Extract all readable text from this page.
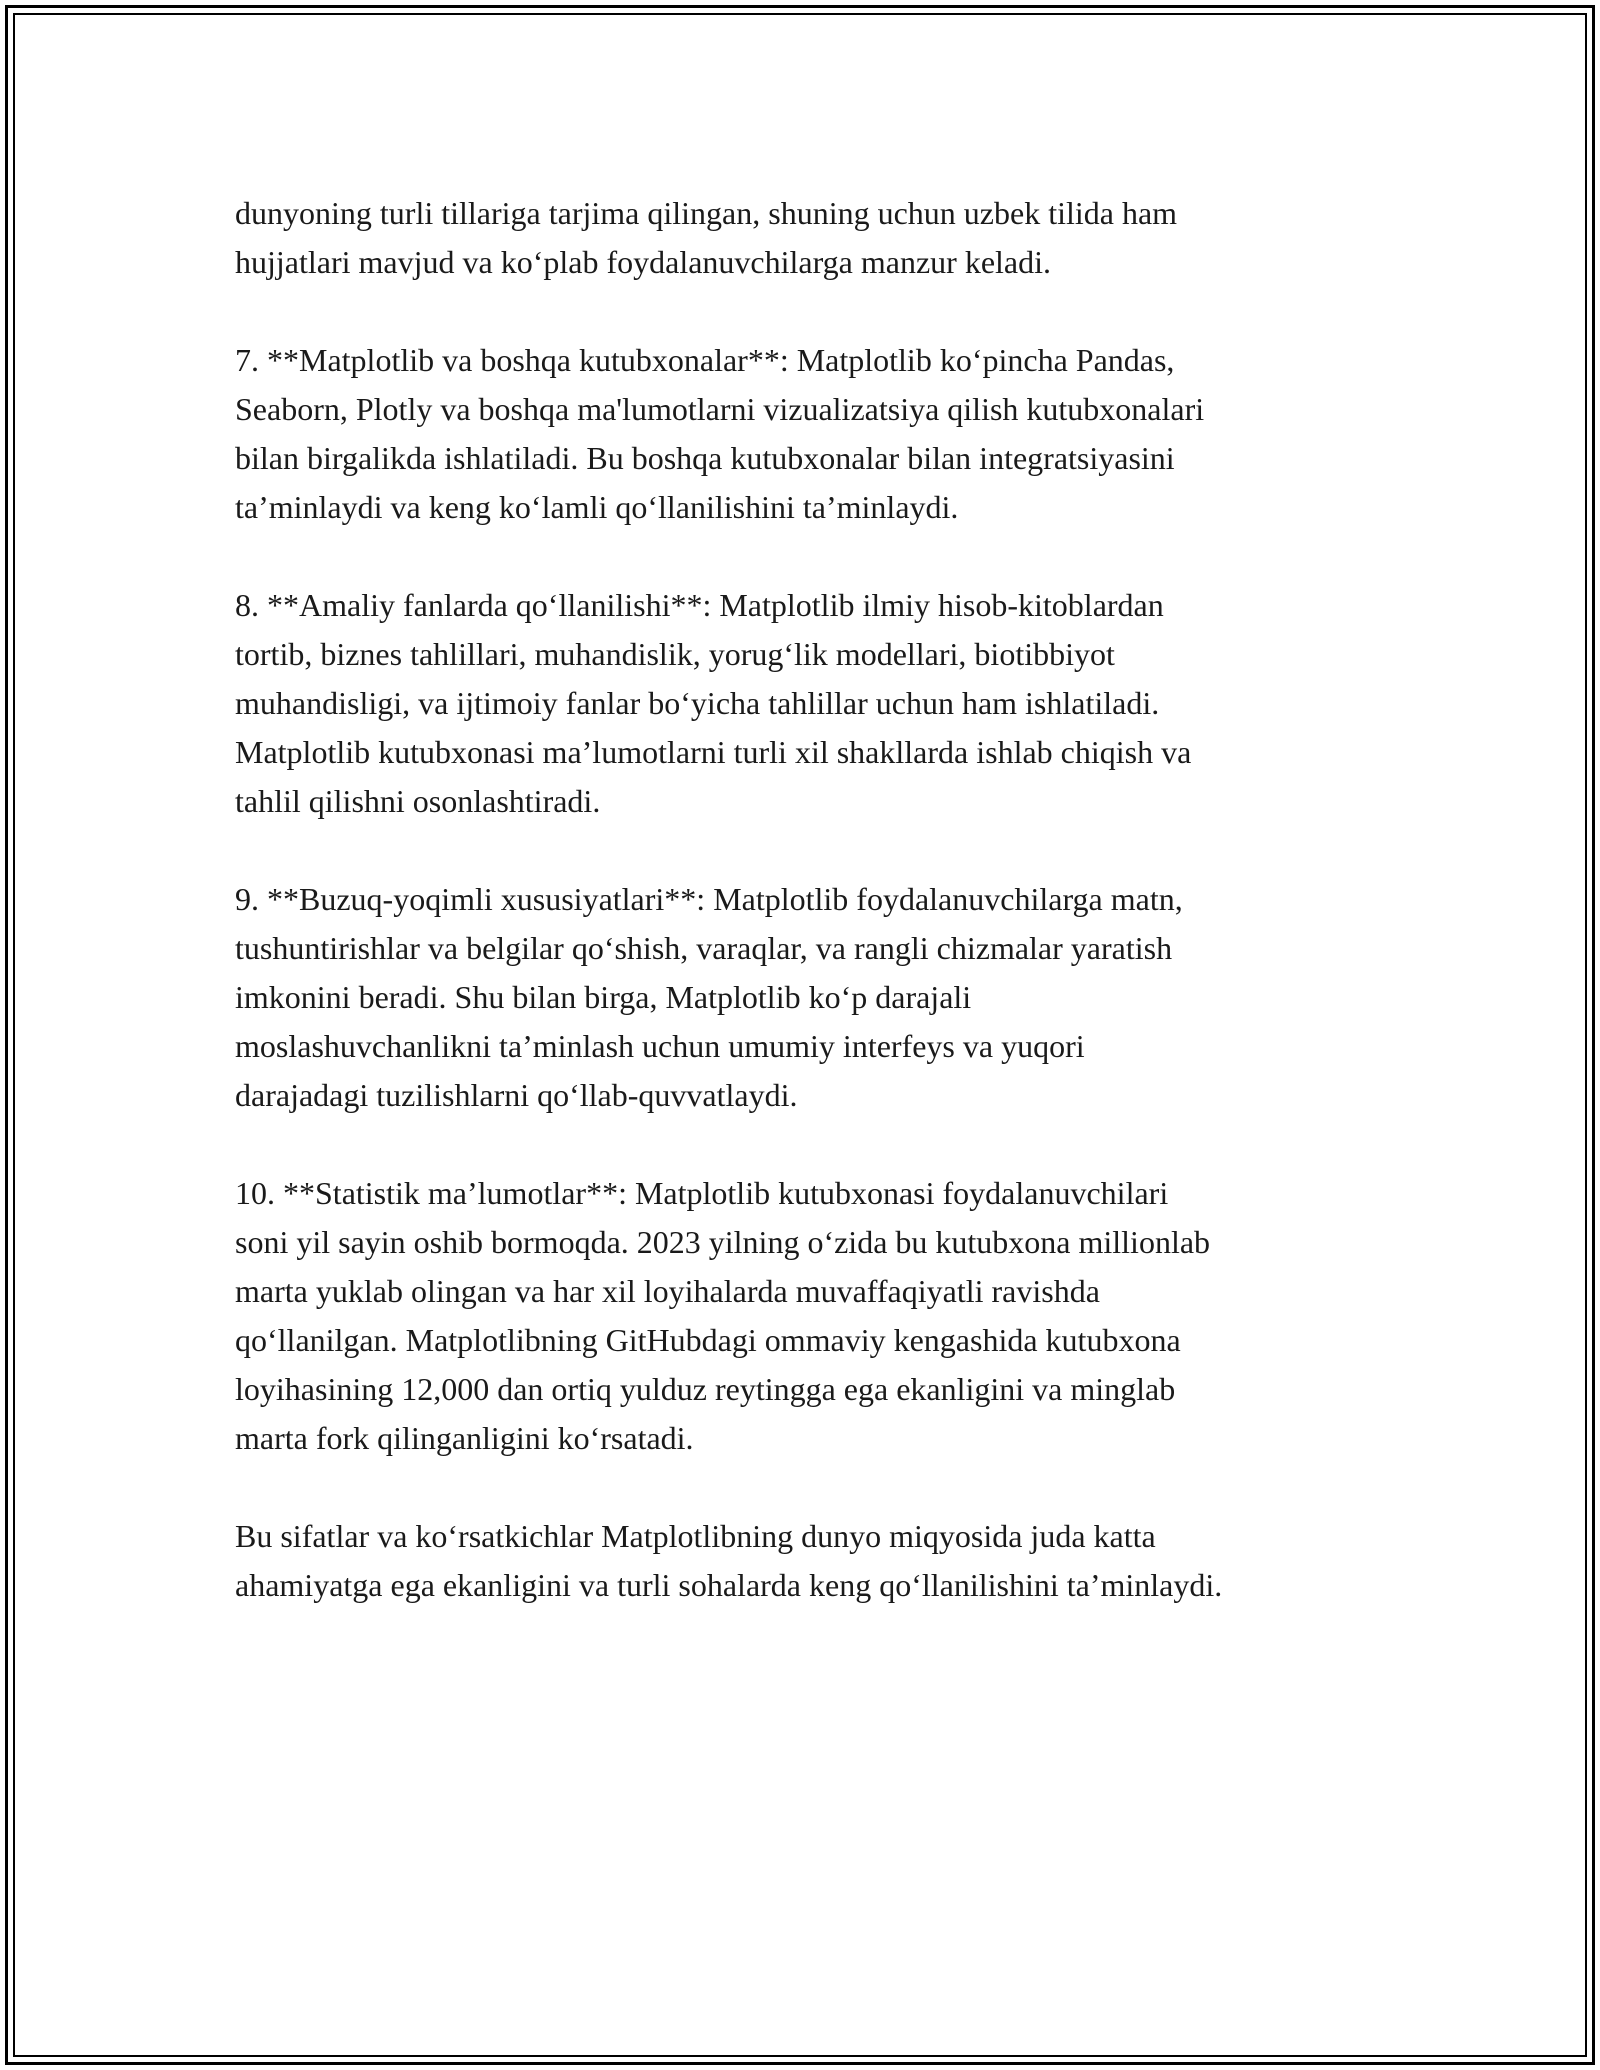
dunyoning turli tillariga tarjima qilingan, shuning uchun uzbek tilida ham
hujjatlari mavjud va ko‘plab foydalanuvchilarga manzur keladi.

7. **Matplotlib va boshqa kutubxonalar**: Matplotlib ko‘pincha Pandas,
Seaborn, Plotly va boshqa ma'lumotlarni vizualizatsiya qilish kutubxonalari
bilan birgalikda ishlatiladi. Bu boshqa kutubxonalar bilan integratsiyasini
ta’minlaydi va keng ko‘lamli qo‘llanilishini ta’minlaydi.

8. **Amaliy fanlarda qo‘llanilishi**: Matplotlib ilmiy hisob-kitoblardan
tortib, biznes tahlillari, muhandislik, yorug‘lik modellari, biotibbiyot
muhandisligi, va ijtimoiy fanlar bo‘yicha tahlillar uchun ham ishlatiladi.
Matplotlib kutubxonasi ma’lumotlarni turli xil shakllarda ishlab chiqish va
tahlil qilishni osonlashtiradi.

9. **Buzuq-yoqimli xususiyatlari**: Matplotlib foydalanuvchilarga matn,
tushuntirishlar va belgilar qo‘shish, varaqlar, va rangli chizmalar yaratish
imkonini beradi. Shu bilan birga, Matplotlib ko‘p darajali
moslashuvchanlikni ta’minlash uchun umumiy interfeys va yuqori
darajadagi tuzilishlarni qo‘llab-quvvatlaydi.

10. **Statistik ma’lumotlar**: Matplotlib kutubxonasi foydalanuvchilari
soni yil sayin oshib bormoqda. 2023 yilning o‘zida bu kutubxona millionlab
marta yuklab olingan va har xil loyihalarda muvaffaqiyatli ravishda
qo‘llanilgan. Matplotlibning GitHubdagi ommaviy kengashida kutubxona
loyihasining 12,000 dan ortiq yulduz reytingga ega ekanligini va minglab
marta fork qilinganligini ko‘rsatadi.

Bu sifatlar va ko‘rsatkichlar Matplotlibning dunyo miqyosida juda katta
ahamiyatga ega ekanligini va turli sohalarda keng qo‘llanilishini ta’minlaydi.
